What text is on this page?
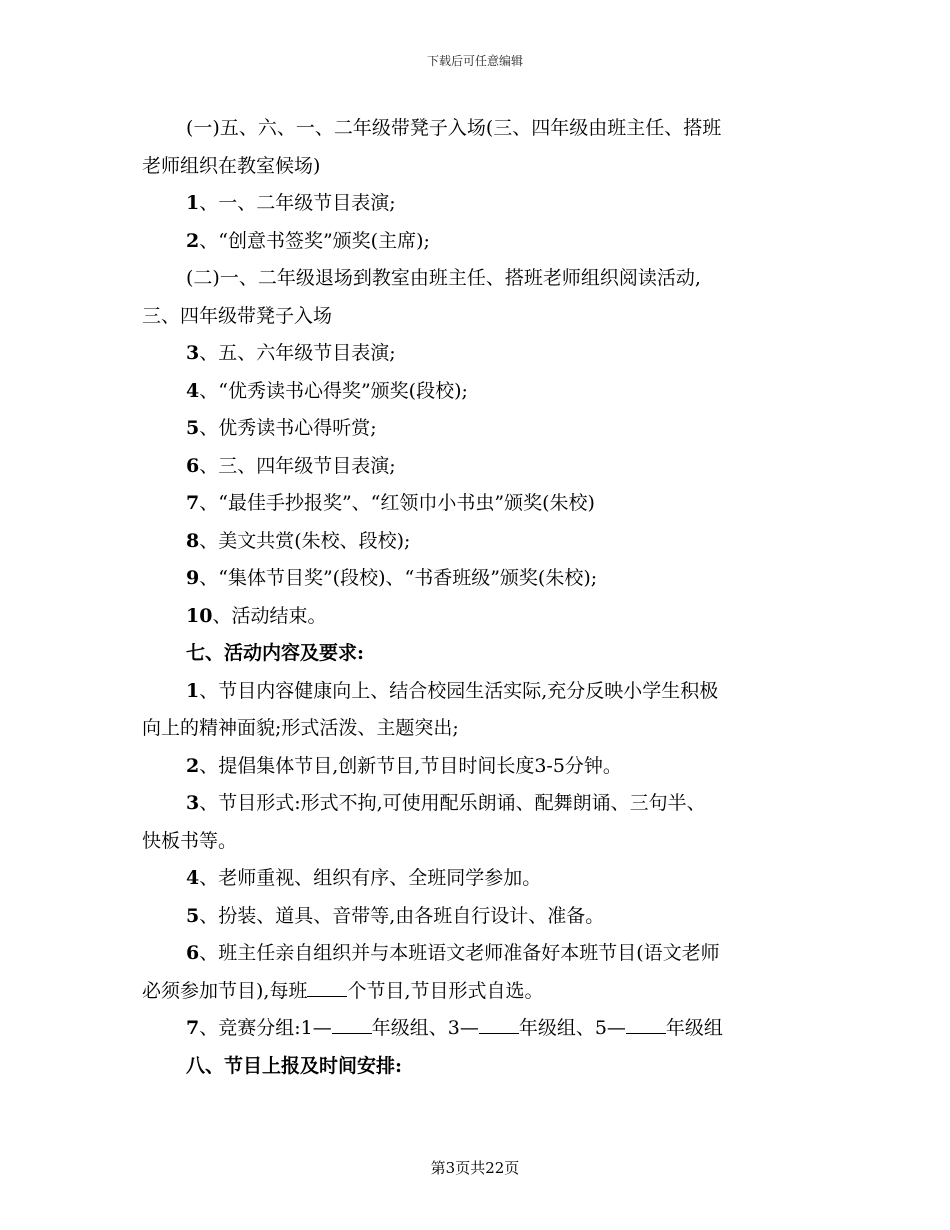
下载后可任意编辑

(一)五、六、一、二年级带凳子入场(三、四年级由班主任、搭班

老师组织在教室候场)

1、一、二年级节目表演;

2、“创意书签奖”颁奖(主席);

(二)一、二年级退场到教室由班主任、搭班老师组织阅读活动,

三、四年级带凳子入场

3、五、六年级节目表演;

4、“优秀读书心得奖”颁奖(段校);

5、优秀读书心得听赏;

6、三、四年级节目表演;

7、“最佳手抄报奖”、“红领巾小书虫”颁奖(朱校)

8、美文共赏(朱校、段校);

9、“集体节目奖”(段校)、“书香班级”颁奖(朱校);

10、活动结束。

七、活动内容及要求:

1、节目内容健康向上、结合校园生活实际,充分反映小学生积极

向上的精神面貌;形式活泼、主题突出;

2、提倡集体节目,创新节目,节目时间长度3-5分钟。

3、节目形式:形式不拘,可使用配乐朗诵、配舞朗诵、三句半、

快板书等。

4、老师重视、组织有序、全班同学参加。

5、扮装、道具、音带等,由各班自行设计、准备。

6、班主任亲自组织并与本班语文老师准备好本班节目(语文老师

必须参加节目),每班 个节目,节目形式自选。

7、竞赛分组:1— 年级组、3— 年级组、5— 年级组

八、节目上报及时间安排:

第3页共22页
